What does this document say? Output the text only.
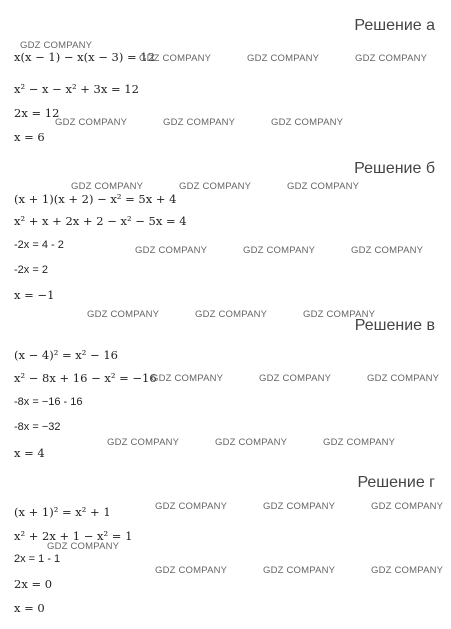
Решение а
x(x − 1) − x(x − 3) = 12
x² − x − x² + 3x = 12
2x = 12
x = 6
Решение б
(x + 1)(x + 2) − x² = 5x + 4
x² + x + 2x + 2 − x² − 5x = 4
-2x = 4 - 2
-2x = 2
x = −1
Решение в
(x − 4)² = x² − 16
x² − 8x + 16 − x² = −16
-8x = −16 - 16
-8x = −32
x = 4
Решение г
(x + 1)² = x² + 1
x² + 2x + 1 − x² = 1
2x = 1 - 1
2x = 0
x = 0
GDZ COMPANY
GDZ COMPANY	GDZ COMPANY	GDZ COMPANY
GDZ COMPANY	GDZ COMPANY	GDZ COMPANY
GDZ COMPANY	GDZ COMPANY	GDZ COMPANY
GDZ COMPANY	GDZ COMPANY	GDZ COMPANY
GDZ COMPANY	GDZ COMPANY	GDZ COMPANY
GDZ COMPANY	GDZ COMPANY	GDZ COMPANY
GDZ COMPANY	GDZ COMPANY	GDZ COMPANY
GDZ COMPANY	GDZ COMPANY	GDZ COMPANY
GDZ COMPANY
GDZ COMPANY	GDZ COMPANY	GDZ COMPANY
